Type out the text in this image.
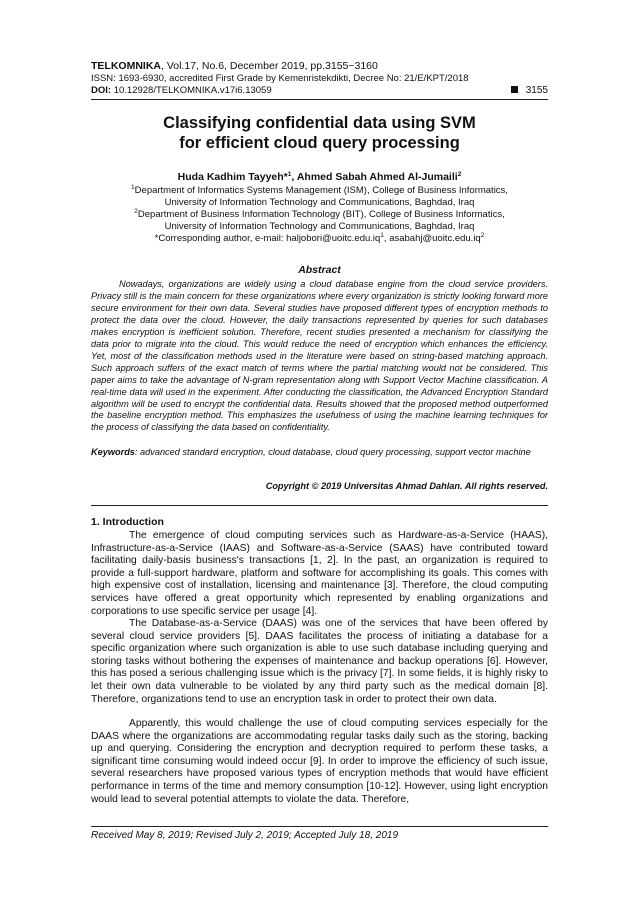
TELKOMNIKA, Vol.17, No.6, December 2019, pp.3155~3160
ISSN: 1693-6930, accredited First Grade by Kemenristekdikti, Decree No: 21/E/KPT/2018
DOI: 10.12928/TELKOMNIKA.v17i6.13059	3155
Classifying confidential data using SVM
for efficient cloud query processing
Huda Kadhim Tayyeh*$^1$, Ahmed Sabah Ahmed Al-Jumaili$^2$
$^1$Department of Informatics Systems Management (ISM), College of Business Informatics,
University of Information Technology and Communications, Baghdad, Iraq
$^2$Department of Business Information Technology (BIT), College of Business Informatics,
University of Information Technology and Communications, Baghdad, Iraq
*Corresponding author, e-mail: $haljobori@uoitc.edu.iq^1$, $asabahj@uoitc.edu.iq^2$
Abstract

Nowadays, organizations are widely using a cloud database engine from the cloud service providers. Privacy still is the main concern for these organizations where every organization is strictly looking forward more secure environment for their own data. Several studies have proposed different types of encryption methods to protect the data over the cloud. However, the daily transactions represented by queries for such databases makes encryption is inefficient solution. Therefore, recent studies presented a mechanism for classifying the data prior to migrate into the cloud. This would reduce the need of encryption which enhances the efficiency. Yet, most of the classification methods used in the literature were based on string-based matching approach. Such approach suffers of the exact match of terms where the partial matching would not be considered. This paper aims to take the advantage of N-gram representation along with Support Vector Machine classification. A real-time data will used in the experiment. After conducting the classification, the Advanced Encryption Standard algorithm will be used to encrypt the confidential data. Results showed that the proposed method outperformed the baseline encryption method. This emphasizes the usefulness of using the machine learning techniques for the process of classifying the data based on confidentiality.

Keywords: advanced standard encryption, cloud database, cloud query processing, support vector machine

Copyright © 2019 Universitas Ahmad Dahlan. All rights reserved.
1. Introduction

The emergence of cloud computing services such as Hardware-as-a-Service (HAAS), Infrastructure-as-a-Service (IAAS) and Software-as-a-Service (SAAS) have contributed toward facilitating daily-basis business's transactions [1, 2]. In the past, an organization is required to provide a full-support hardware, platform and software for accomplishing its goals. This comes with high expensive cost of installation, licensing and maintenance [3]. Therefore, the cloud computing services have offered a great opportunity which represented by enabling organizations and corporations to use specific service per usage [4].

The Database-as-a-Service (DAAS) was one of the services that have been offered by several cloud service providers [5]. DAAS facilitates the process of initiating a database for a specific organization where such organization is able to use such database including querying and storing tasks without bothering the expenses of maintenance and backup operations [6]. However, this has posed a serious challenging issue which is the privacy [7]. In some fields, it is highly risky to let their own data vulnerable to be violated by any third party such as the medical domain [8]. Therefore, organizations tend to use an encryption task in order to protect their own data.

Apparently, this would challenge the use of cloud computing services especially for the DAAS where the organizations are accommodating regular tasks daily such as the storing, backing up and querying. Considering the encryption and decryption required to perform these tasks, a significant time consuming would indeed occur [9]. In order to improve the efficiency of such issue, several researchers have proposed various types of encryption methods that would have efficient performance in terms of the time and memory consumption [10-12]. However, using light encryption would lead to several potential attempts to violate the data. Therefore,

Received May 8, 2019; Revised July 2, 2019; Accepted July 18, 2019
